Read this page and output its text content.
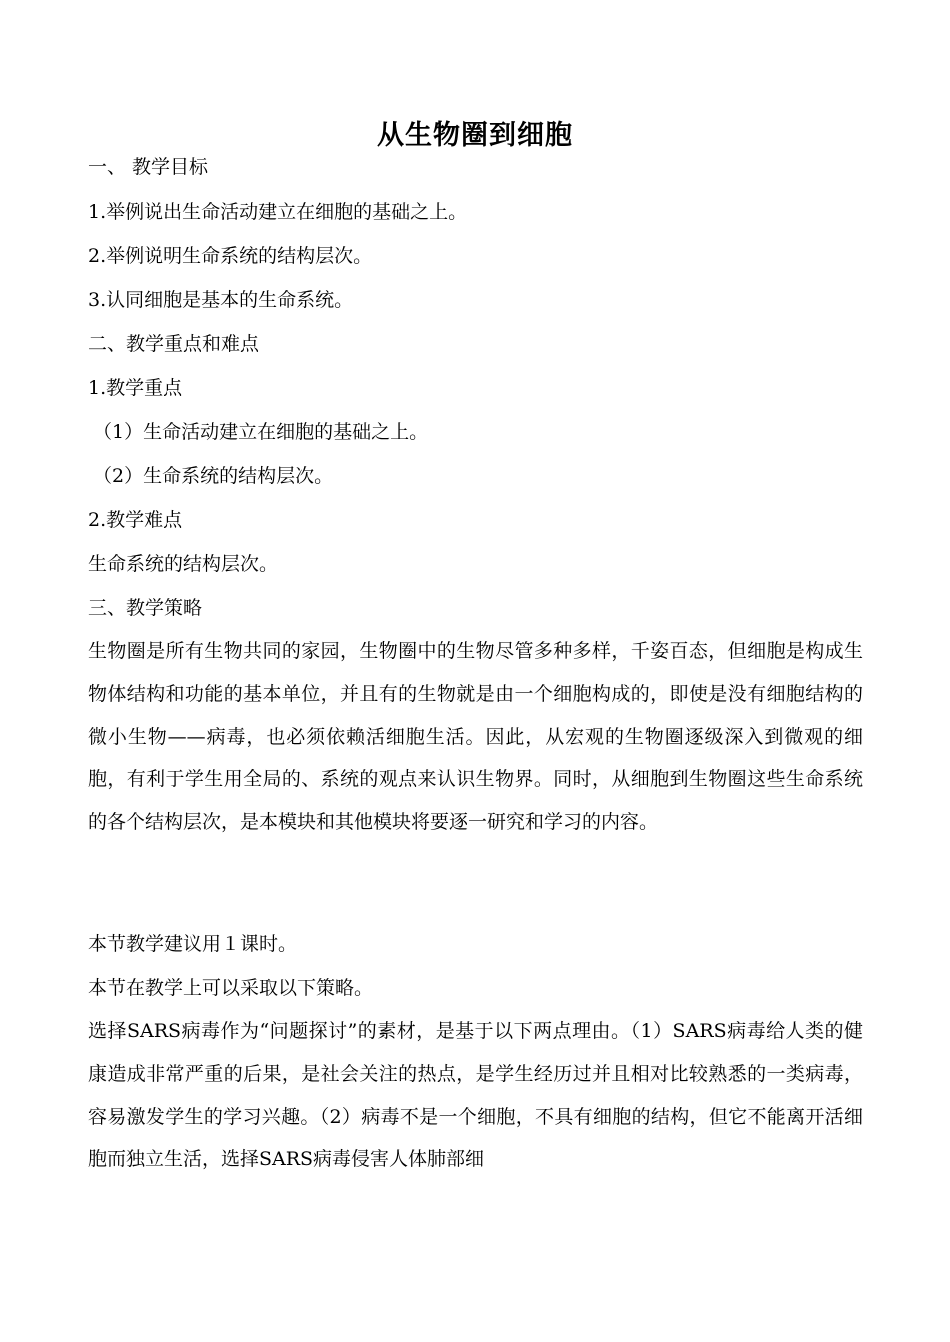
从生物圈到细胞
一、 教学目标
1.举例说出生命活动建立在细胞的基础之上。
2.举例说明生命系统的结构层次。
3.认同细胞是基本的生命系统。
二、教学重点和难点
1.教学重点
（1）生命活动建立在细胞的基础之上。
（2）生命系统的结构层次。
2.教学难点
生命系统的结构层次。
三、教学策略
生物圈是所有生物共同的家园，生物圈中的生物尽管多种多样，千姿百态，但细胞是构成生物体结构和功能的基本单位，并且有的生物就是由一个细胞构成的，即使是没有细胞结构的微小生物——病毒，也必须依赖活细胞生活。因此，从宏观的生物圈逐级深入到微观的细胞，有利于学生用全局的、系统的观点来认识生物界。同时，从细胞到生物圈这些生命系统的各个结构层次，是本模块和其他模块将要逐一研究和学习的内容。
本节教学建议用１课时。
本节在教学上可以采取以下策略。
选择SARS病毒作为“问题探讨”的素材，是基于以下两点理由。（1）SARS病毒给人类的健康造成非常严重的后果，是社会关注的热点，是学生经历过并且相对比较熟悉的一类病毒，容易激发学生的学习兴趣。（2）病毒不是一个细胞，不具有细胞的结构，但它不能离开活细胞而独立生活，选择SARS病毒侵害人体肺部细
